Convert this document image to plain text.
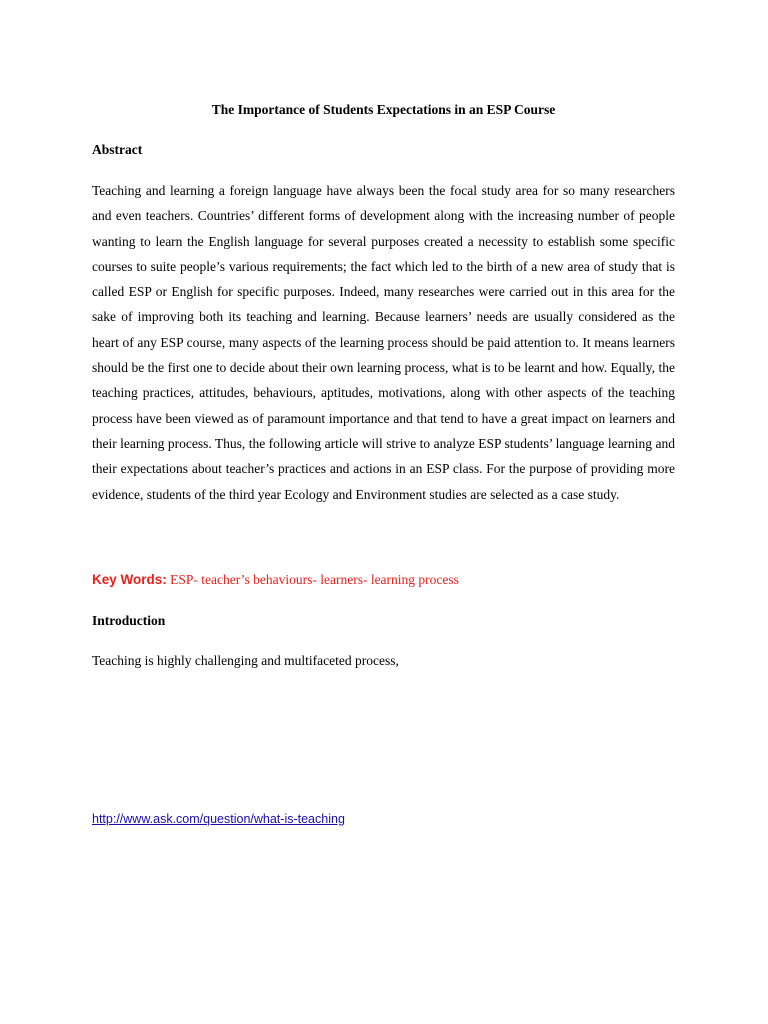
The Importance of Students Expectations in an ESP Course

Abstract

Teaching and learning a foreign language have always been the focal study area for so many researchers and even teachers. Countries’ different forms of development along with the increasing number of people wanting to learn the English language for several purposes created a necessity to establish some specific courses to suite people’s various requirements; the fact which led to the birth of a new area of study that is called ESP or English for specific purposes. Indeed, many researches were carried out in this area for the sake of improving both its teaching and learning. Because learners’ needs are usually considered as the heart of any ESP course, many aspects of the learning process should be paid attention to. It means learners should be the first one to decide about their own learning process, what is to be learnt and how. Equally, the teaching practices, attitudes, behaviours, aptitudes, motivations, along with other aspects of the teaching process have been viewed as of paramount importance and that tend to have a great impact on learners and their learning process. Thus, the following article will strive to analyze ESP students’ language learning and their expectations about teacher’s practices and actions in an ESP class. For the purpose of providing more evidence, students of the third year Ecology and Environment studies are selected as a case study.

Key Words: ESP- teacher’s behaviours- learners- learning process

Introduction

Teaching is highly challenging and multifaceted process,

http://www.ask.com/question/what-is-teaching
